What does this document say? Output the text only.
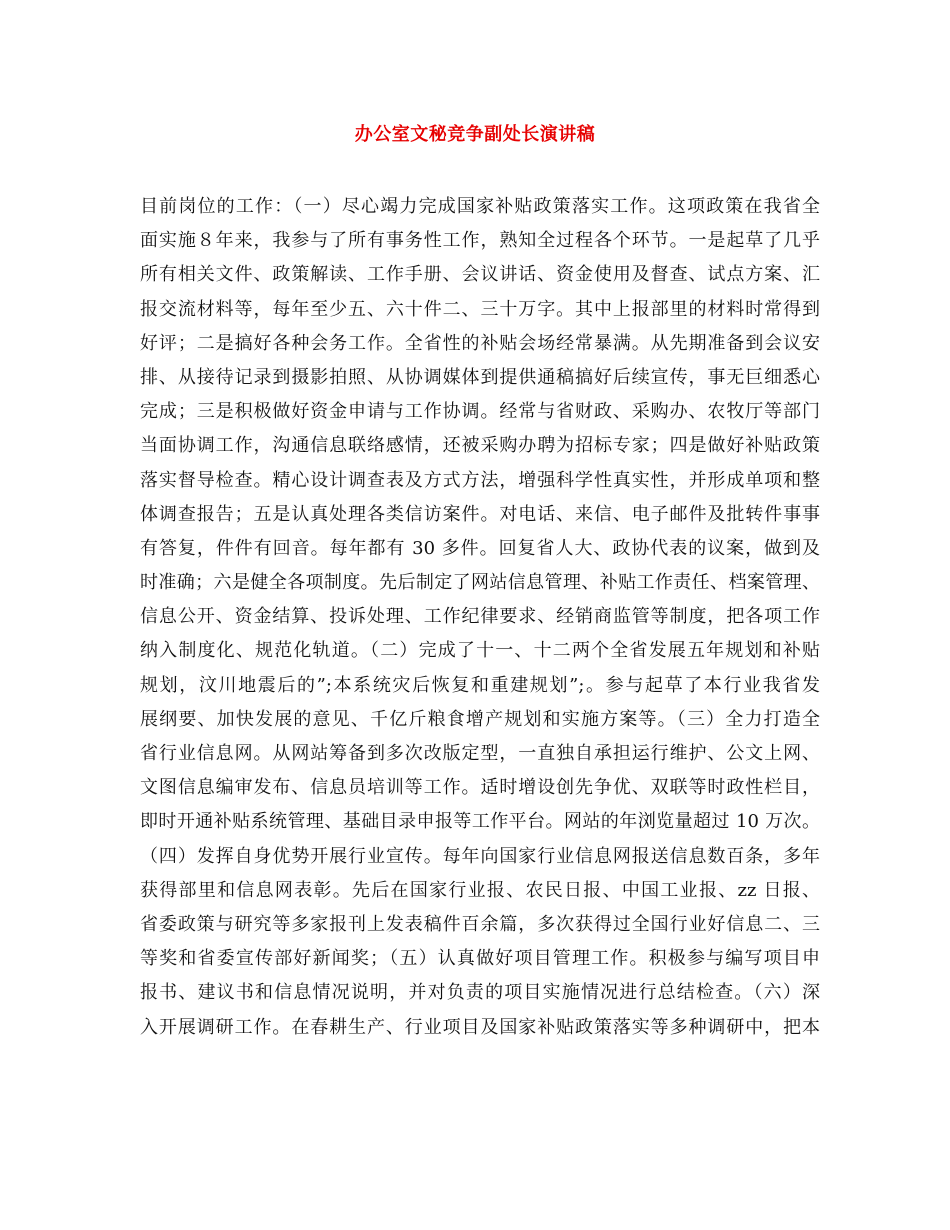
办公室文秘竞争副处长演讲稿
目前岗位的工作：（一）尽心竭力完成国家补贴政策落实工作。这项政策在我省全
面实施８年来，我参与了所有事务性工作，熟知全过程各个环节。一是起草了几乎
所有相关文件、政策解读、工作手册、会议讲话、资金使用及督查、试点方案、汇
报交流材料等，每年至少五、六十件二、三十万字。其中上报部里的材料时常得到
好评；二是搞好各种会务工作。全省性的补贴会场经常暴满。从先期准备到会议安
排、从接待记录到摄影拍照、从协调媒体到提供通稿搞好后续宣传，事无巨细悉心
完成；三是积极做好资金申请与工作协调。经常与省财政、采购办、农牧厅等部门
当面协调工作，沟通信息联络感情，还被采购办聘为招标专家；四是做好补贴政策
落实督导检查。精心设计调查表及方式方法，增强科学性真实性，并形成单项和整
体调查报告；五是认真处理各类信访案件。对电话、来信、电子邮件及批转件事事
有答复，件件有回音。每年都有 30 多件。回复省人大、政协代表的议案，做到及
时准确；六是健全各项制度。先后制定了网站信息管理、补贴工作责任、档案管理、
信息公开、资金结算、投诉处理、工作纪律要求、经销商监管等制度，把各项工作
纳入制度化、规范化轨道。（二）完成了十一、十二两个全省发展五年规划和补贴
规划，汶川地震后的”;本系统灾后恢复和重建规划”;。参与起草了本行业我省发
展纲要、加快发展的意见、千亿斤粮食增产规划和实施方案等。（三）全力打造全
省行业信息网。从网站筹备到多次改版定型，一直独自承担运行维护、公文上网、
文图信息编审发布、信息员培训等工作。适时增设创先争优、双联等时政性栏目，
即时开通补贴系统管理、基础目录申报等工作平台。网站的年浏览量超过 10 万次。
（四）发挥自身优势开展行业宣传。每年向国家行业信息网报送信息数百条，多年
获得部里和信息网表彰。先后在国家行业报、农民日报、中国工业报、zz 日报、
省委政策与研究等多家报刊上发表稿件百余篇，多次获得过全国行业好信息二、三
等奖和省委宣传部好新闻奖；（五）认真做好项目管理工作。积极参与编写项目申
报书、建议书和信息情况说明，并对负责的项目实施情况进行总结检查。（六）深
入开展调研工作。在春耕生产、行业项目及国家补贴政策落实等多种调研中，把本
